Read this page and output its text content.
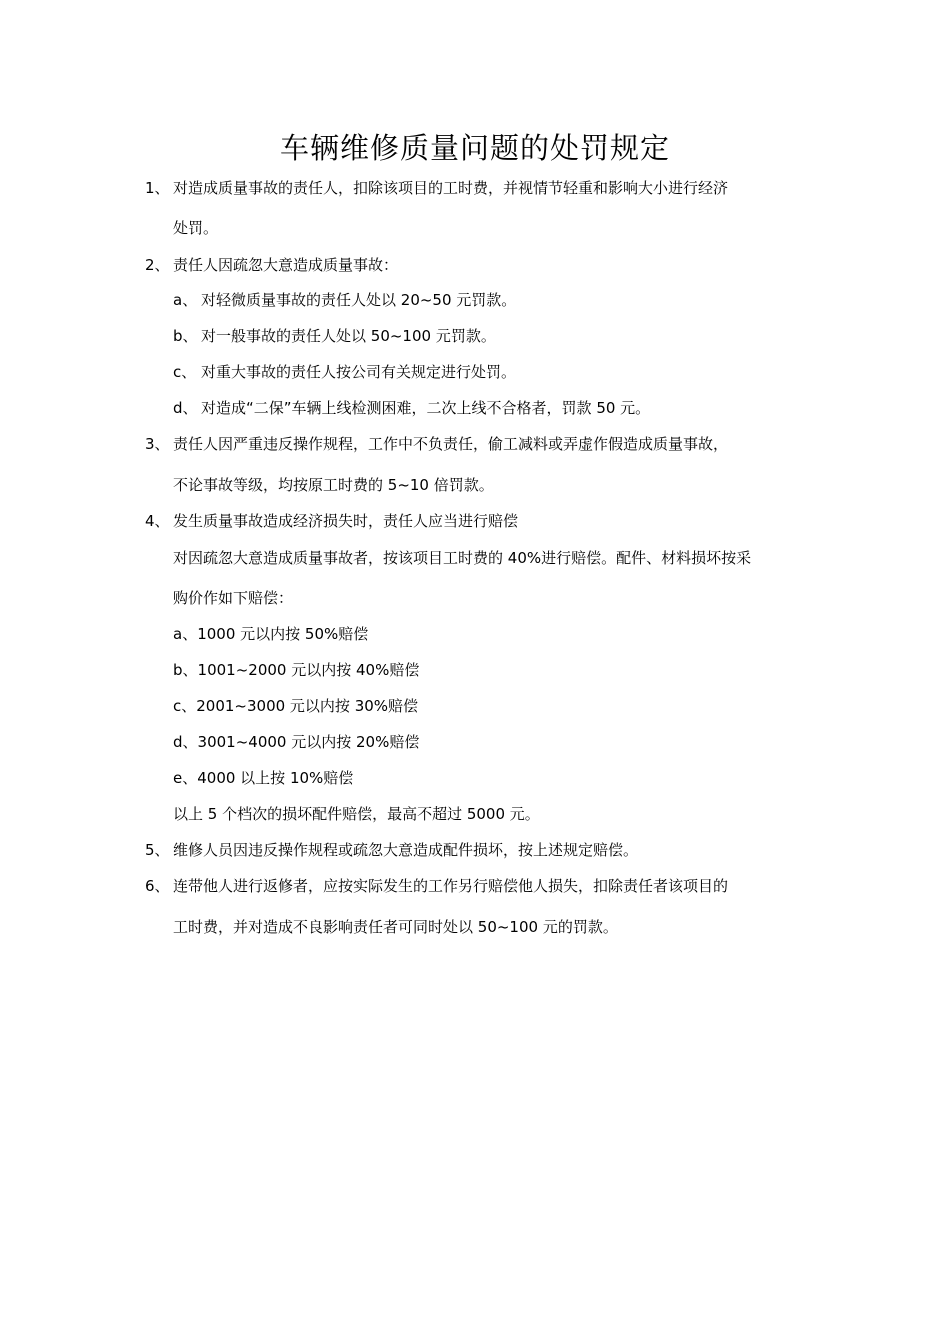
车辆维修质量问题的处罚规定
1、 对造成质量事故的责任人，扣除该项目的工时费，并视情节轻重和影响大小进行经济
处罚。
2、 责任人因疏忽大意造成质量事故：
a、 对轻微质量事故的责任人处以 20~50 元罚款。
b、 对一般事故的责任人处以 50~100 元罚款。
c、 对重大事故的责任人按公司有关规定进行处罚。
d、 对造成“二保”车辆上线检测困难，二次上线不合格者，罚款 50 元。
3、 责任人因严重违反操作规程，工作中不负责任，偷工减料或弄虚作假造成质量事故，
不论事故等级，均按原工时费的 5~10 倍罚款。
4、 发生质量事故造成经济损失时，责任人应当进行赔偿
对因疏忽大意造成质量事故者，按该项目工时费的 40%进行赔偿。配件、材料损坏按采
购价作如下赔偿：
a、1000 元以内按 50%赔偿
b、1001~2000 元以内按 40%赔偿
c、2001~3000 元以内按 30%赔偿
d、3001~4000 元以内按 20%赔偿
e、4000 以上按 10%赔偿
以上 5 个档次的损坏配件赔偿，最高不超过 5000 元。
5、 维修人员因违反操作规程或疏忽大意造成配件损坏，按上述规定赔偿。
6、 连带他人进行返修者，应按实际发生的工作另行赔偿他人损失，扣除责任者该项目的
工时费，并对造成不良影响责任者可同时处以 50~100 元的罚款。
